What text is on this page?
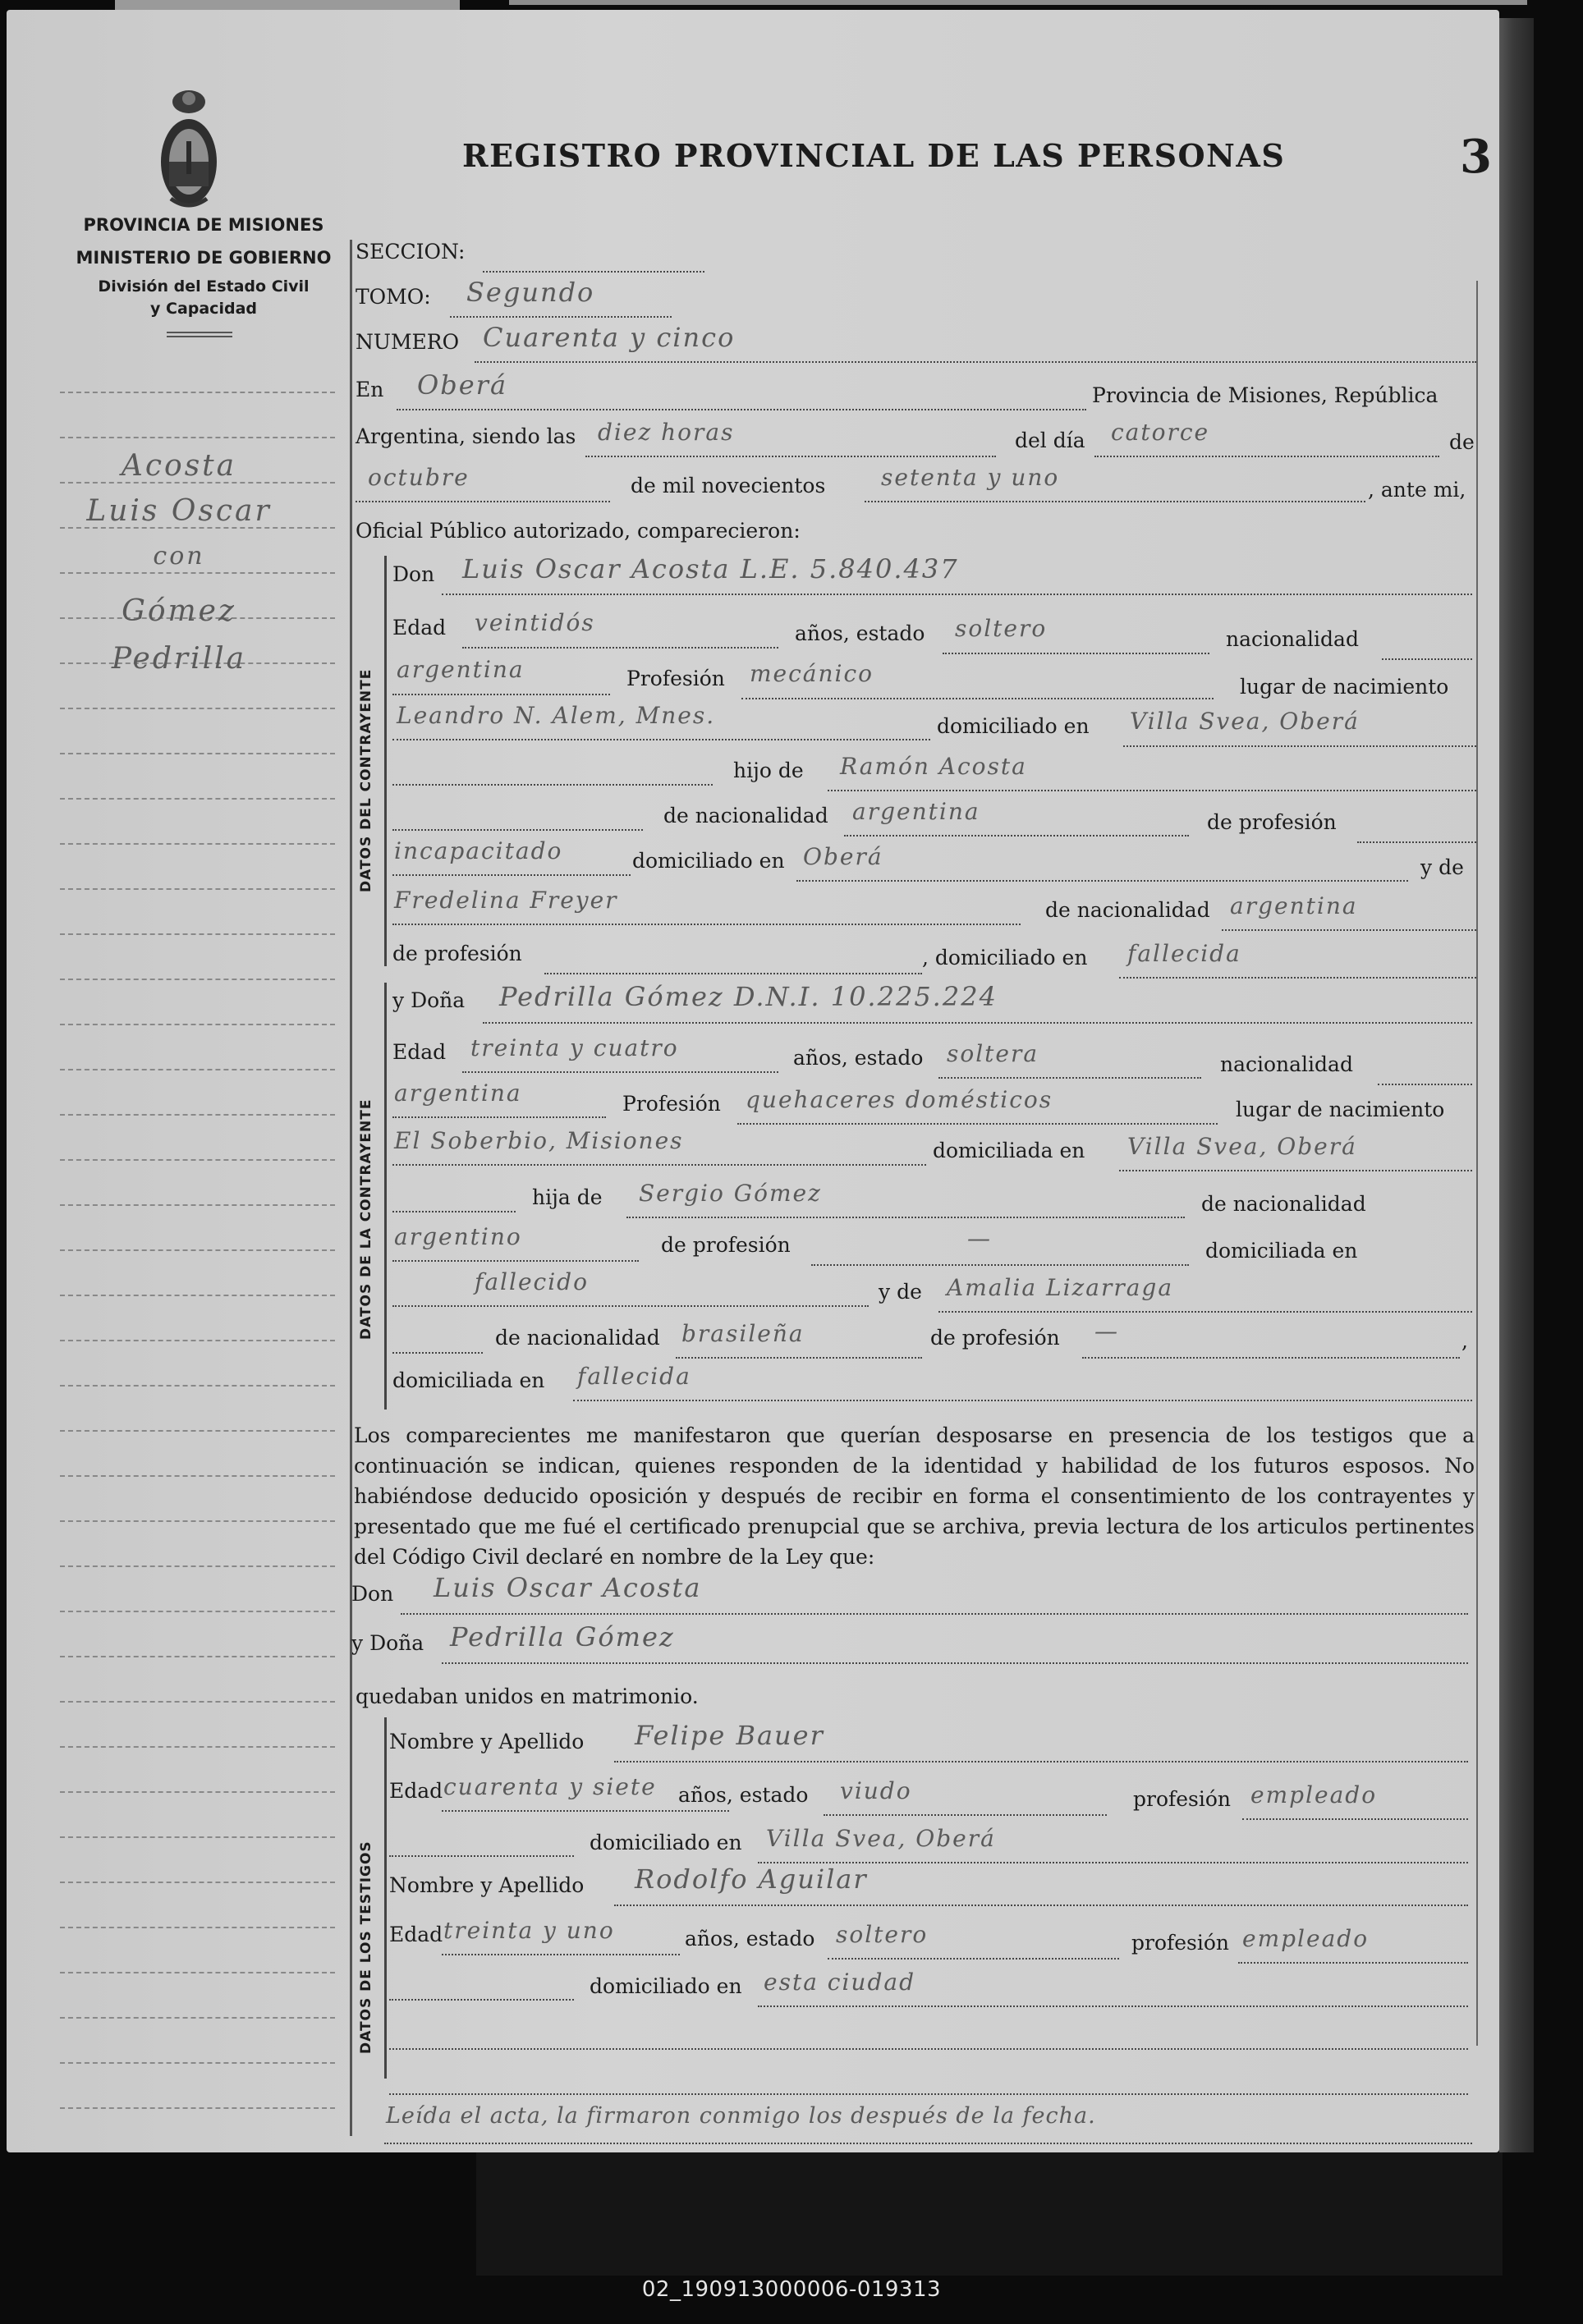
REGISTRO PROVINCIAL DE LAS PERSONAS	3
PROVINCIA DE MISIONES
MINISTERIO DE GOBIERNO
División del Estado Civil
y Capacidad
Acosta
Luis Oscar
con
Gómez
Pedrilla
SECCION:
TOMO: Segundo
NUMERO Cuarenta y cinco
En Oberá	Provincia de Misiones, República
Argentina, siendo las diez horas	del día catorce	de
octubre	de mil novecientos setenta y uno	, ante mi,
Oficial Público autorizado, comparecieron:
DATOS DEL CONTRAYENTE
Don Luis Oscar Acosta L.E. 5.840.437
Edad veintidós	años, estado soltero	nacionalidad
argentina	Profesión mecánico	lugar de nacimiento
Leandro N. Alem, Mnes.	domiciliado en Villa Svea, Oberá
hijo de Ramón Acosta
de nacionalidad argentina	de profesión
incapacitado	domiciliado en Oberá	y de
Fredelina Freyer	de nacionalidad argentina
de profesión	, domiciliado en fallecida
DATOS DE LA CONTRAYENTE
y Doña Pedrilla Gómez D.N.I. 10.225.224
Edad treinta y cuatro	años, estado soltera	nacionalidad
argentina	Profesión quehaceres domésticos	lugar de nacimiento
El Soberbio, Misiones	domiciliada en Villa Svea, Oberá
hija de Sergio Gómez	de nacionalidad
argentino	de profesión	—	domiciliada en
fallecido	y de Amalia Lizarraga
de nacionalidad brasileña	de profesión —	,
domiciliada en fallecida
Los comparecientes me manifestaron que querían desposarse en presencia de los testigos que a continuación se indican, quienes responden de la identidad y habilidad de los futuros esposos. No habiéndose deducido oposición y después de recibir en forma el consentimiento de los contrayentes y presentado que me fué el certificado prenupcial que se archiva, previa lectura de los articulos pertinentes del Código Civil declaré en nombre de la Ley que:
Don Luis Oscar Acosta
y Doña Pedrilla Gómez
quedaban unidos en matrimonio.
DATOS DE LOS TESTIGOS
Nombre y Apellido Felipe Bauer
Edad cuarenta y siete años, estado viudo	profesión empleado
domiciliado en Villa Svea, Oberá
Nombre y Apellido Rodolfo Aguilar
Edad treinta y uno	años, estado soltero	profesión empleado
domiciliado en esta ciudad
Leída el acta, la firmaron conmigo los después de la fecha.
02_190913000006-019313
